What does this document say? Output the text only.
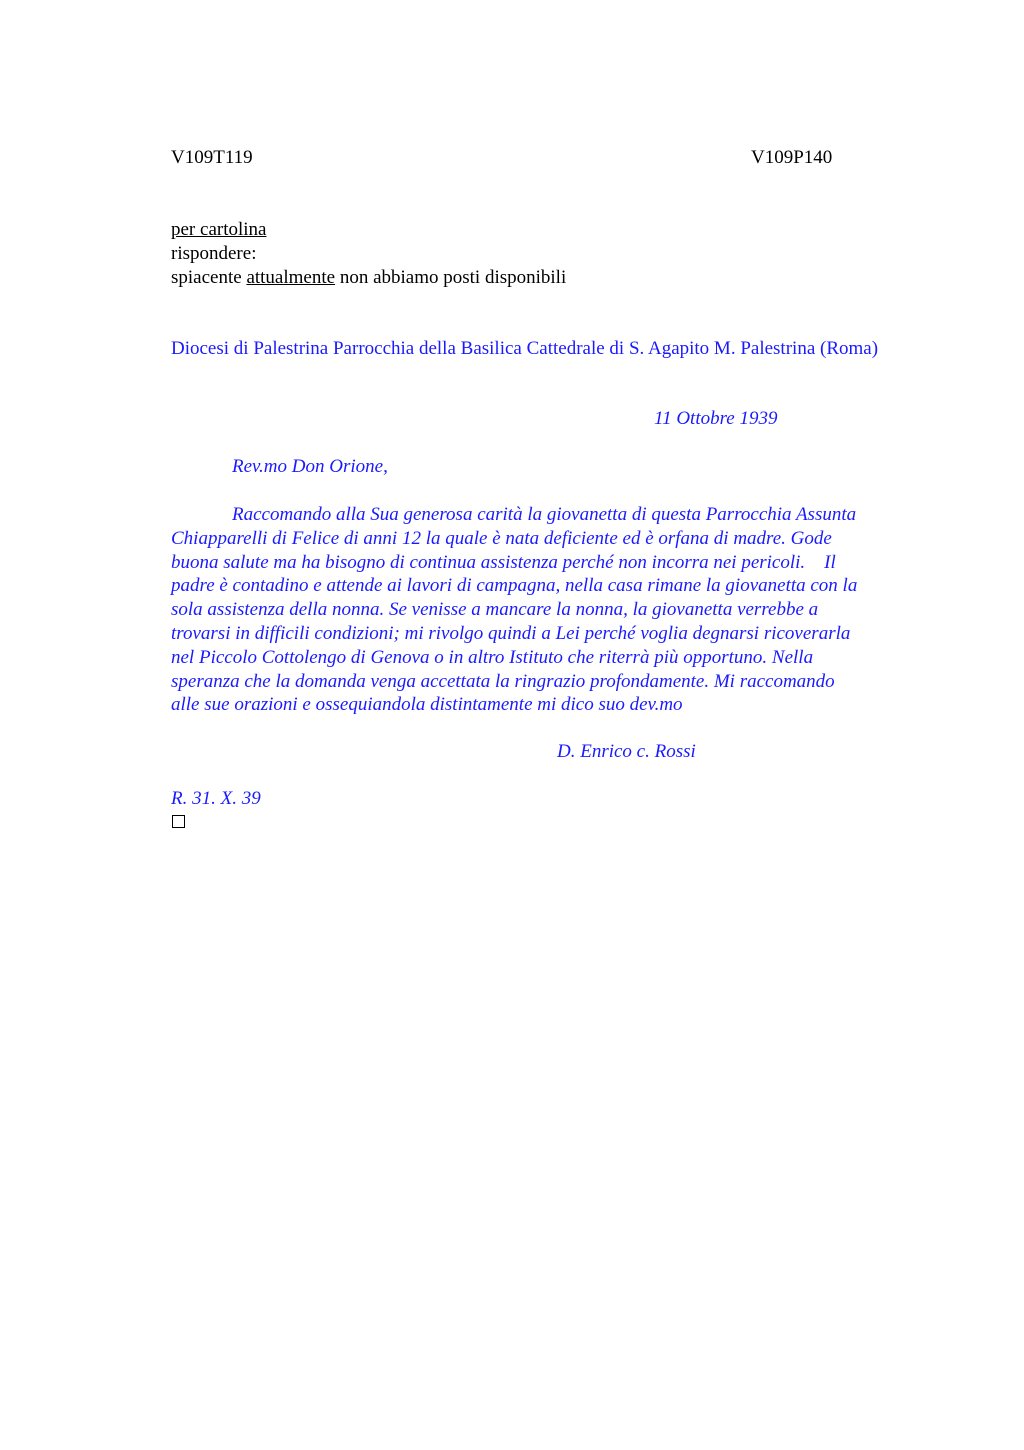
V109T119	V109P140
per cartolina
rispondere:
spiacente attualmente non abbiamo posti disponibili
Diocesi di Palestrina Parrocchia della Basilica Cattedrale di S. Agapito M. Palestrina (Roma)
11 Ottobre 1939
Rev.mo Don Orione,
Raccomando alla Sua generosa carità la giovanetta di questa Parrocchia Assunta
Chiapparelli di Felice di anni 12 la quale è nata deficiente ed è orfana di madre. Gode
buona salute ma ha bisogno di continua assistenza perché non incorra nei pericoli.    Il
padre è contadino e attende ai lavori di campagna, nella casa rimane la giovanetta con la
sola assistenza della nonna. Se venisse a mancare la nonna, la giovanetta verrebbe a
trovarsi in difficili condizioni; mi rivolgo quindi a Lei perché voglia degnarsi ricoverarla
nel Piccolo Cottolengo di Genova o in altro Istituto che riterrà più opportuno. Nella
speranza che la domanda venga accettata la ringrazio profondamente. Mi raccomando
alle sue orazioni e ossequiandola distintamente mi dico suo dev.mo
D. Enrico c. Rossi
R. 31. X. 39
